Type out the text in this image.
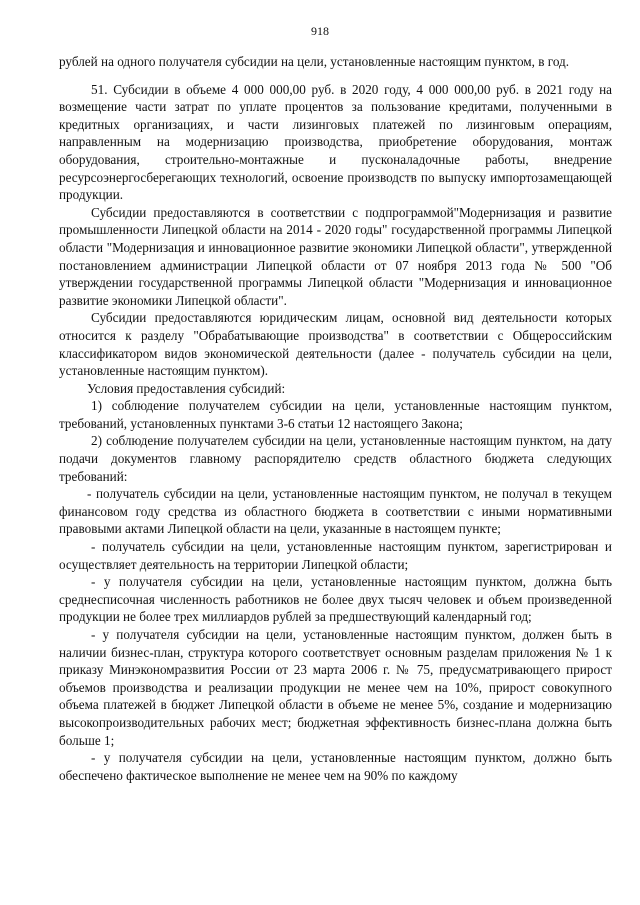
918

рублей на одного получателя субсидии на цели, установленные настоящим пунктом, в год.

51. Субсидии в объеме 4 000 000,00 руб. в 2020 году, 4 000 000,00 руб. в 2021 году на возмещение части затрат по уплате процентов за пользование кредитами, полученными в кредитных организациях, и части лизинговых платежей по лизинговым операциям, направленным на модернизацию производства, приобретение оборудования, монтаж оборудования, строительно-монтажные и пусконаладочные работы, внедрение ресурсоэнергосберегающих технологий, освоение производств по выпуску импортозамещающей продукции.

Субсидии предоставляются в соответствии с подпрограммой"Модернизация и развитие промышленности Липецкой области на 2014 - 2020 годы" государственной программы Липецкой области "Модернизация и инновационное развитие экономики Липецкой области", утвержденной постановлением администрации Липецкой области от 07 ноября 2013 года № 500 "Об утверждении государственной программы Липецкой области "Модернизация и инновационное развитие экономики Липецкой области".

Субсидии предоставляются юридическим лицам, основной вид деятельности которых относится к разделу "Обрабатывающие производства" в соответствии с Общероссийским классификатором видов экономической деятельности (далее - получатель субсидии на цели, установленные настоящим пунктом).

Условия предоставления субсидий:

1) соблюдение получателем субсидии на цели, установленные настоящим пунктом, требований, установленных пунктами 3-6 статьи 12 настоящего Закона;

2) соблюдение получателем субсидии на цели, установленные настоящим пунктом, на дату подачи документов главному распорядителю средств областного бюджета следующих требований:

- получатель субсидии на цели, установленные настоящим пунктом, не получал в текущем финансовом году средства из областного бюджета в соответствии с иными нормативными правовыми актами Липецкой области на цели, указанные в настоящем пункте;

- получатель субсидии на цели, установленные настоящим пунктом, зарегистрирован и осуществляет деятельность на территории Липецкой области;

- у получателя субсидии на цели, установленные настоящим пунктом, должна быть среднесписочная численность работников не более двух тысяч человек и объем произведенной продукции не более трех миллиардов рублей за предшествующий календарный год;

- у получателя субсидии на цели, установленные настоящим пунктом, должен быть в наличии бизнес-план, структура которого соответствует основным разделам приложения № 1 к приказу Минэкономразвития России от 23 марта 2006 г. № 75, предусматривающего прирост объемов производства и реализации продукции не менее чем на 10%, прирост совокупного объема платежей в бюджет Липецкой области в объеме не менее 5%, создание и модернизацию высокопроизводительных рабочих мест; бюджетная эффективность бизнес-плана должна быть больше 1;

- у получателя субсидии на цели, установленные настоящим пунктом, должно быть обеспечено фактическое выполнение не менее чем на 90% по каждому
